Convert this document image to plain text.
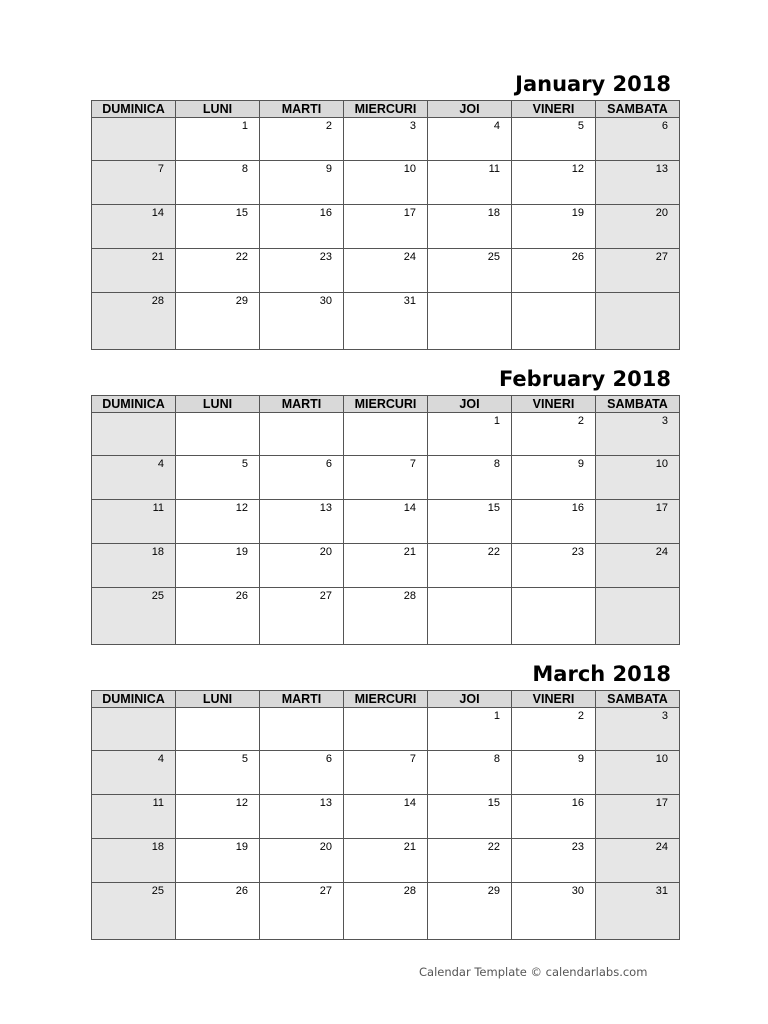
January 2018
DUMINICA	LUNI	MARTI	MIERCURI	JOI	VINERI	SAMBATA

	1	2	3	4	5	6

7	8	9	10	11	12	13

14	15	16	17	18	19	20

21	22	23	24	25	26	27

28	29	30	31			

February 2018
DUMINICA	LUNI	MARTI	MIERCURI	JOI	VINERI	SAMBATA

				1	2	3

4	5	6	7	8	9	10

11	12	13	14	15	16	17

18	19	20	21	22	23	24

25	26	27	28			

March 2018
DUMINICA	LUNI	MARTI	MIERCURI	JOI	VINERI	SAMBATA

				1	2	3

4	5	6	7	8	9	10

11	12	13	14	15	16	17

18	19	20	21	22	23	24

25	26	27	28	29	30	31
Calendar Template © calendarlabs.com
